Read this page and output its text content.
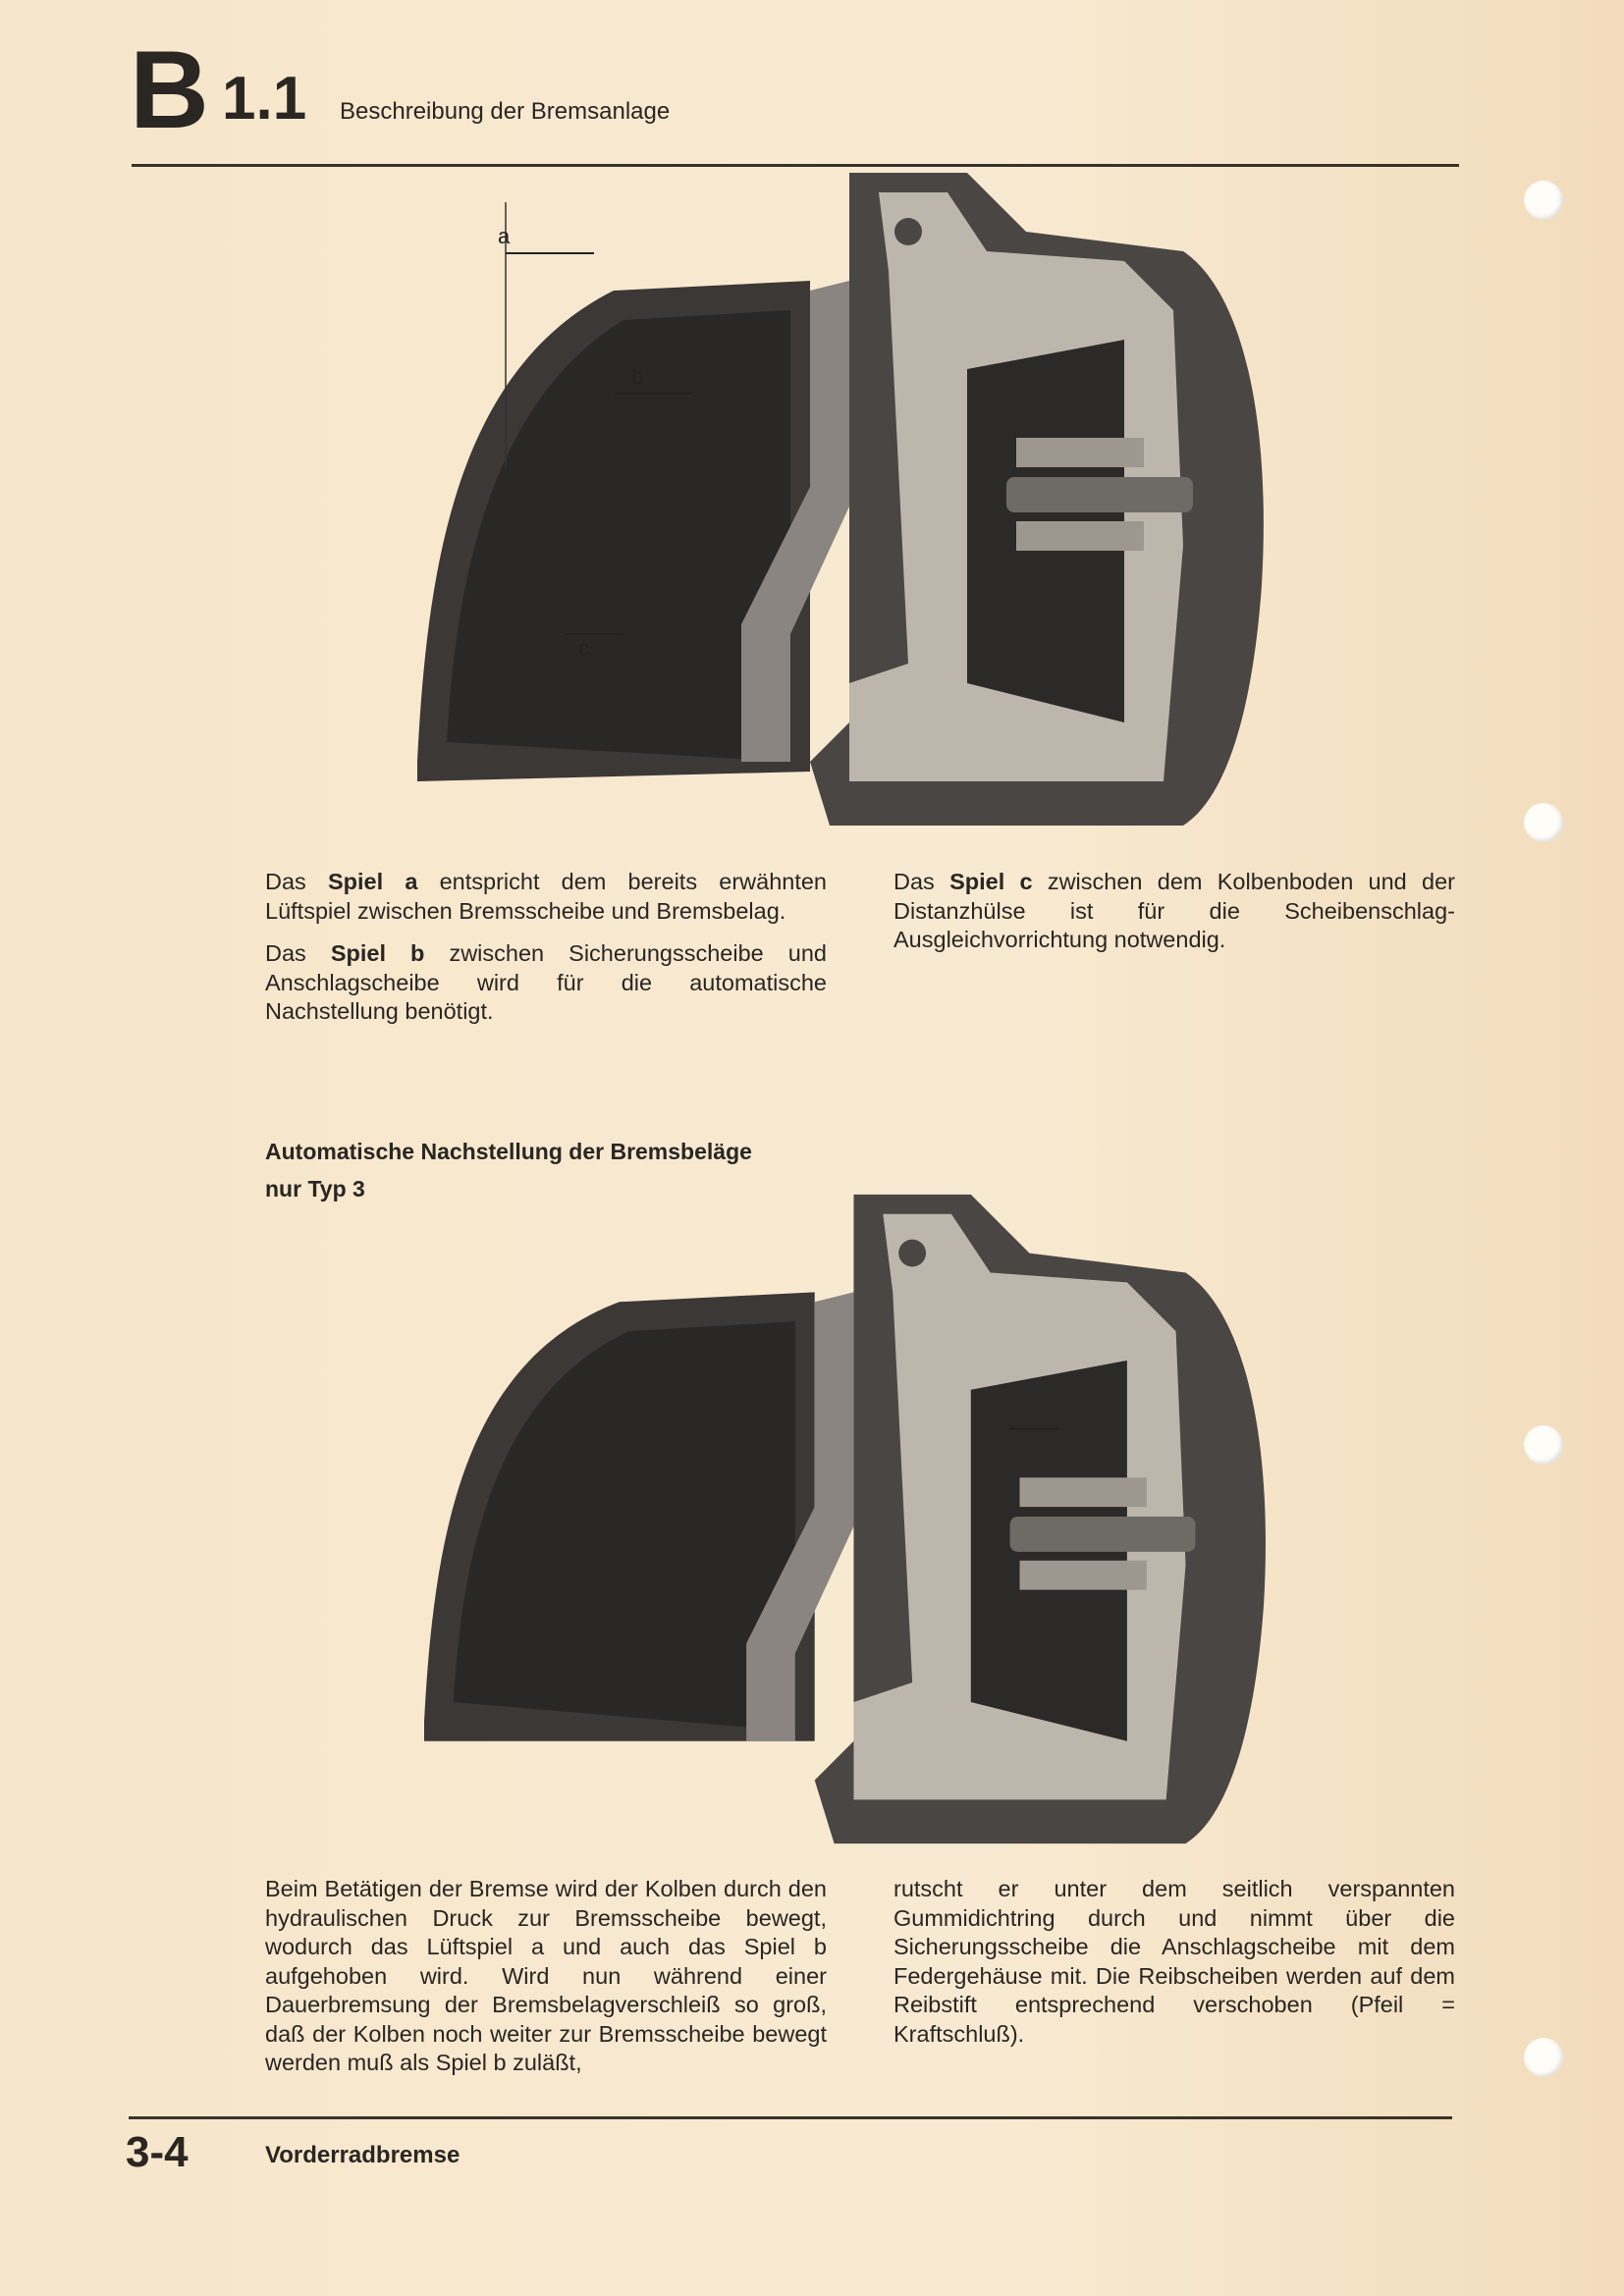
B 1.1 Beschreibung der Bremsanlage
a
b
c

Das Spiel a entspricht dem bereits erwähnten Lüftspiel zwischen Bremsscheibe und Bremsbelag.

Das Spiel b zwischen Sicherungsscheibe und Anschlagscheibe wird für die automatische Nachstellung benötigt.

Das Spiel c zwischen dem Kolbenboden und der Distanzhülse ist für die Scheibenschlag-Ausgleichvorrichtung notwendig.

Automatische Nachstellung der Bremsbeläge
nur Typ 3
Beim Betätigen der Bremse wird der Kolben durch den hydraulischen Druck zur Bremsscheibe bewegt, wodurch das Lüftspiel a und auch das Spiel b aufgehoben wird. Wird nun während einer Dauerbremsung der Bremsbelagverschleiß so groß, daß der Kolben noch weiter zur Bremsscheibe bewegt werden muß als Spiel b zuläßt,
rutscht er unter dem seitlich verspannten Gummidichtring durch und nimmt über die Sicherungsscheibe die Anschlagscheibe mit dem Federgehäuse mit. Die Reibscheiben werden auf dem Reibstift entsprechend verschoben (Pfeil = Kraftschluß).
3-4	Vorderradbremse
